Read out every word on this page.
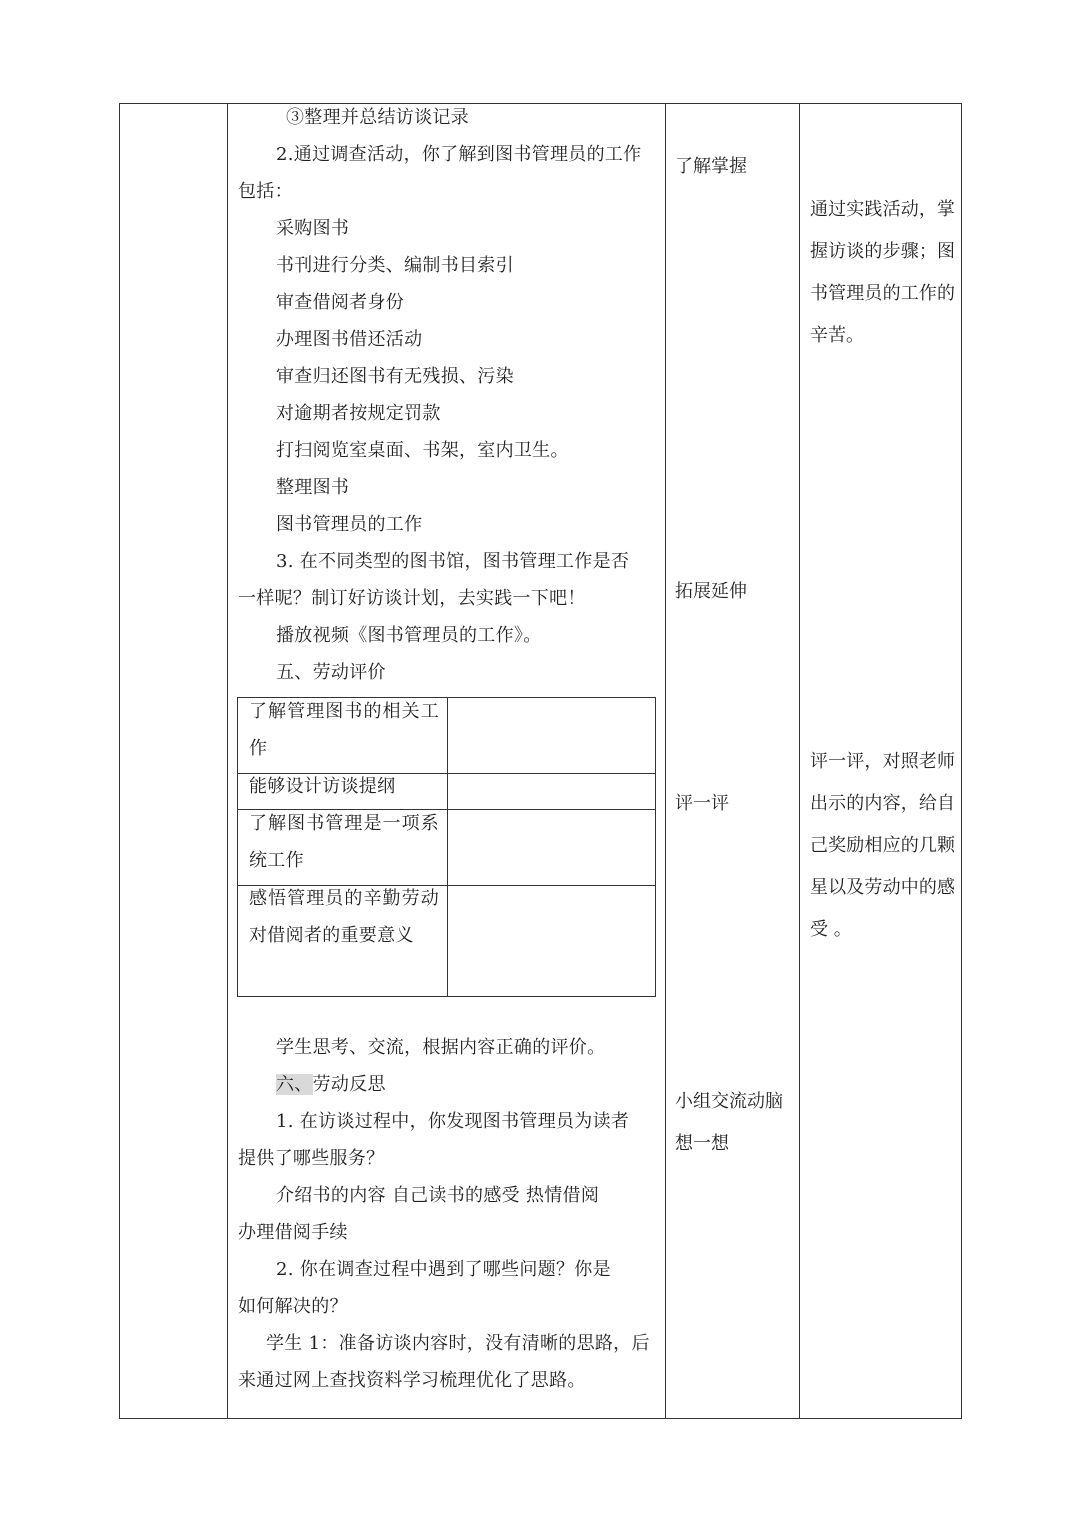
③整理并总结访谈记录
2.通过调查活动，你了解到图书管理员的工作
包括：
采购图书
书刊进行分类、编制书目索引
审查借阅者身份
办理图书借还活动
审查归还图书有无残损、污染
对逾期者按规定罚款
打扫阅览室桌面、书架，室内卫生。
整理图书
图书管理员的工作
3. 在不同类型的图书馆，图书管理工作是否
一样呢？制订好访谈计划，去实践一下吧！
播放视频《图书管理员的工作》。
五、劳动评价
了解管理图书的相关工作
能够设计访谈提纲
了解图书管理是一项系统工作
感悟管理员的辛勤劳动对借阅者的重要意义
学生思考、交流，根据内容正确的评价。
六、劳动反思
1. 在访谈过程中，你发现图书管理员为读者
提供了哪些服务？
介绍书的内容 自己读书的感受 热情借阅
办理借阅手续
2. 你在调查过程中遇到了哪些问题？你是
如何解决的？
学生 1：准备访谈内容时，没有清晰的思路，后
来通过网上查找资料学习梳理优化了思路。
了解掌握
拓展延伸
评一评
小组交流动脑
想一想
通过实践活动，掌握访谈的步骤；图书管理员的工作的辛苦。
评一评，对照老师出示的内容，给自己奖励相应的几颗星以及劳动中的感受 。
